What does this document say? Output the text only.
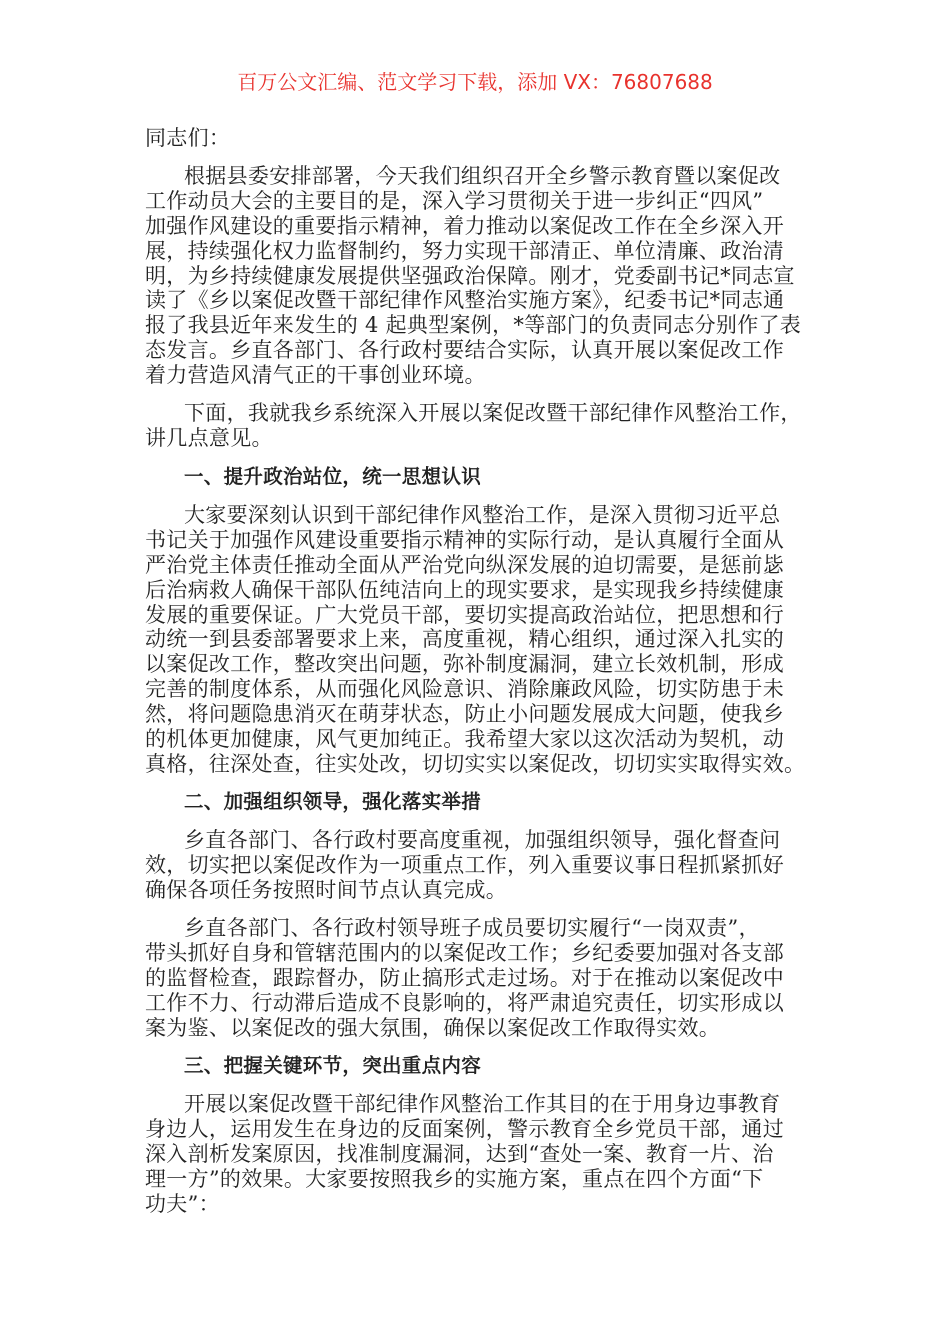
百万公文汇编、范文学习下载，添加 VX：76807688
同志们：
根据县委安排部署，今天我们组织召开全乡警示教育暨以案促改
工作动员大会的主要目的是，深入学习贯彻关于进一步纠正“四风”
加强作风建设的重要指示精神，着力推动以案促改工作在全乡深入开
展，持续强化权力监督制约，努力实现干部清正、单位清廉、政治清
明，为乡持续健康发展提供坚强政治保障。刚才，党委副书记*同志宣
读了《乡以案促改暨干部纪律作风整治实施方案》，纪委书记*同志通
报了我县近年来发生的 4 起典型案例，*等部门的负责同志分别作了表
态发言。乡直各部门、各行政村要结合实际，认真开展以案促改工作
着力营造风清气正的干事创业环境。
下面，我就我乡系统深入开展以案促改暨干部纪律作风整治工作，
讲几点意见。
一、提升政治站位，统一思想认识
大家要深刻认识到干部纪律作风整治工作，是深入贯彻习近平总
书记关于加强作风建设重要指示精神的实际行动，是认真履行全面从
严治党主体责任推动全面从严治党向纵深发展的迫切需要，是惩前毖
后治病救人确保干部队伍纯洁向上的现实要求，是实现我乡持续健康
发展的重要保证。广大党员干部，要切实提高政治站位，把思想和行
动统一到县委部署要求上来，高度重视，精心组织，通过深入扎实的
以案促改工作，整改突出问题，弥补制度漏洞，建立长效机制，形成
完善的制度体系，从而强化风险意识、消除廉政风险，切实防患于未
然，将问题隐患消灭在萌芽状态，防止小问题发展成大问题，使我乡
的机体更加健康，风气更加纯正。我希望大家以这次活动为契机，动
真格，往深处查，往实处改，切切实实以案促改，切切实实取得实效。
二、加强组织领导，强化落实举措
乡直各部门、各行政村要高度重视，加强组织领导，强化督查问
效，切实把以案促改作为一项重点工作，列入重要议事日程抓紧抓好
确保各项任务按照时间节点认真完成。
乡直各部门、各行政村领导班子成员要切实履行“一岗双责”，
带头抓好自身和管辖范围内的以案促改工作；乡纪委要加强对各支部
的监督检查，跟踪督办，防止搞形式走过场。对于在推动以案促改中
工作不力、行动滞后造成不良影响的，将严肃追究责任，切实形成以
案为鉴、以案促改的强大氛围，确保以案促改工作取得实效。
三、把握关键环节，突出重点内容
开展以案促改暨干部纪律作风整治工作其目的在于用身边事教育
身边人，运用发生在身边的反面案例，警示教育全乡党员干部，通过
深入剖析发案原因，找准制度漏洞，达到“查处一案、教育一片、治
理一方”的效果。大家要按照我乡的实施方案，重点在四个方面“下
功夫”：
